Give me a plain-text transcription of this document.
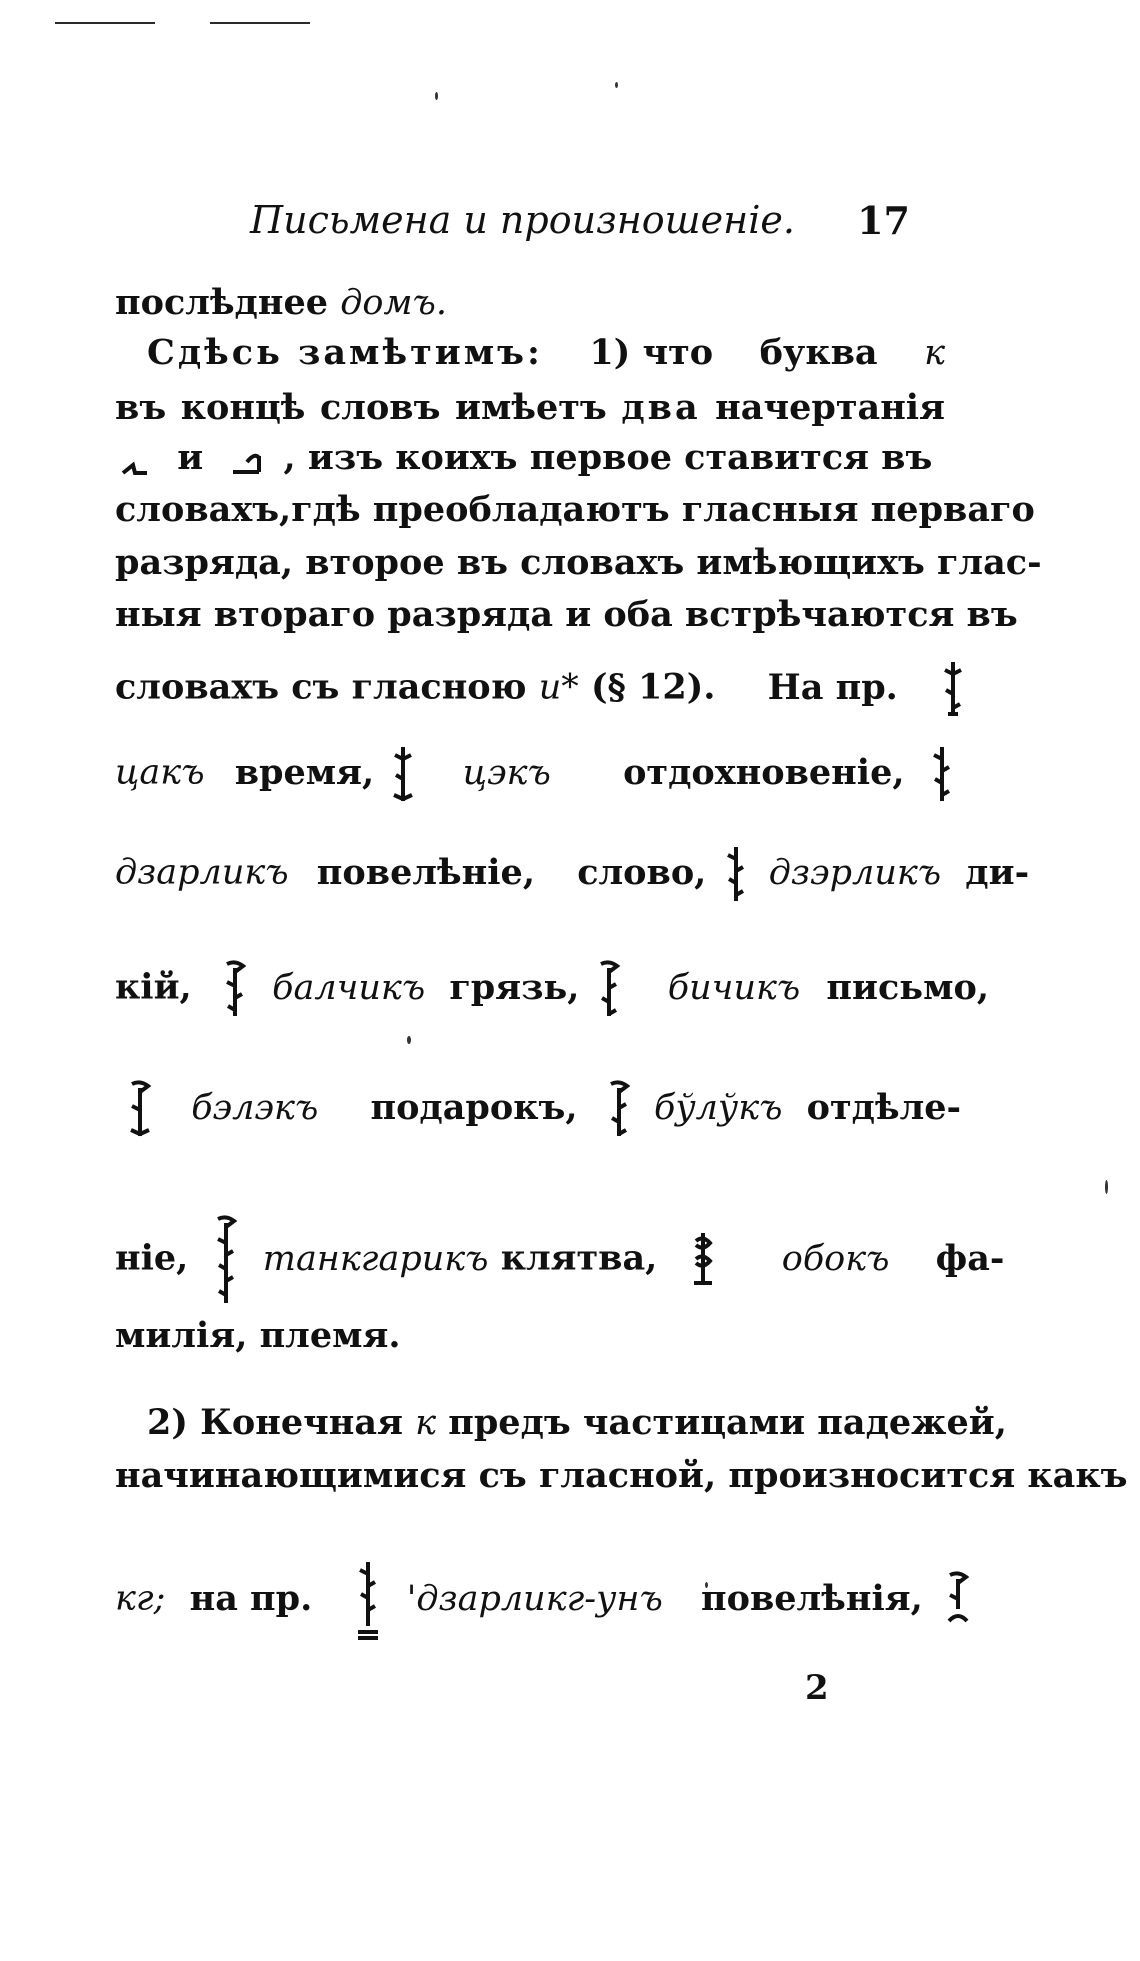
Письмена и произношеніе. 17
послѣднее домъ.
Сдѣсь замѣтимъ: 1) что буква к
въ концѣ словъ имѣетъ два начертанія
и , изъ коихъ первое ставится въ
словахъ, гдѣ преобладаютъ гласныя перваго
разряда, второе въ словахъ имѣющихъ глас-
ныя втораго разряда и оба встрѣчаются въ
словахъ съ гласною и* (§ 12). На пр.
цакъ время,	цэкъ отдохновеніе,
дзарликъ повелѣніе, слово, дзэрликъ ди-
кій, балчикъ грязь,	бичикъ письмо,
бэлэкъ подарокъ, бўлўкъ отдѣле-
ніе, танкгарикъ клятва,	обокъ фа-
милія, племя.
2) Конечная к предъ частицами падежей,
начинающимися съ гласной, произносится какъ
кг; на пр.	'дзарликг-унъ повелѣнія,
2
